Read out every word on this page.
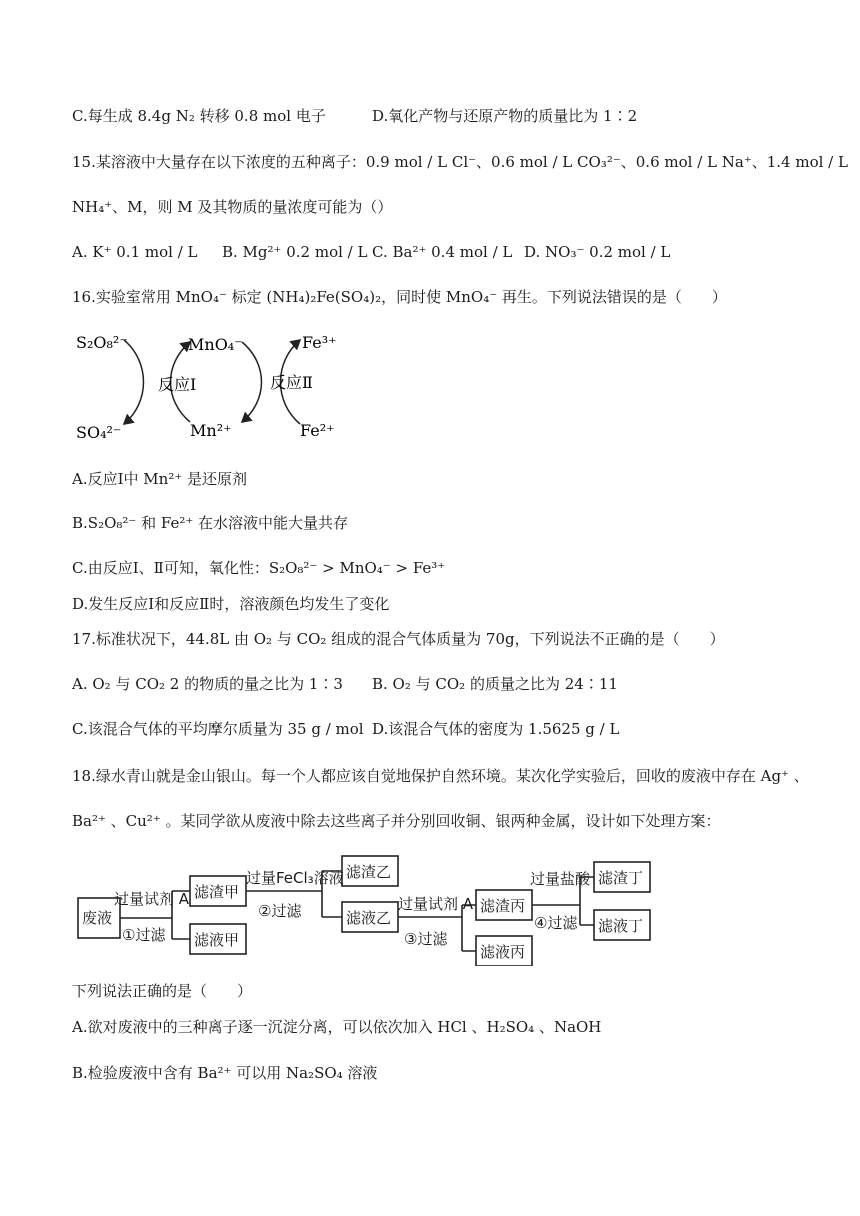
C.每生成 8.4g N₂ 转移 0.8 mol 电子	D.氧化产物与还原产物的质量比为 1∶2
15.某溶液中大量存在以下浓度的五种离子：0.9 mol / L Cl⁻、0.6 mol / L CO₃²⁻、0.6 mol / L Na⁺、1.4 mol / L
NH₄⁺、M，则 M 及其物质的量浓度可能为（）
A. K⁺ 0.1 mol / L B. Mg²⁺ 0.2 mol / L C. Ba²⁺ 0.4 mol / L D. NO₃⁻ 0.2 mol / L
16.实验室常用 MnO₄⁻ 标定 (NH₄)₂Fe(SO₄)₂，同时使 MnO₄⁻ 再生。下列说法错误的是（　　）
S₂O₈²⁻
SO₄²⁻
MnO₄⁻
Mn²⁺
Fe³⁺
Fe²⁺
反应Ⅰ	反应Ⅱ
A.反应Ⅰ中 Mn²⁺ 是还原剂
B.S₂O₈²⁻ 和 Fe²⁺ 在水溶液中能大量共存
C.由反应Ⅰ、Ⅱ可知，氧化性：S₂O₈²⁻ > MnO₄⁻ > Fe³⁺
D.发生反应Ⅰ和反应Ⅱ时，溶液颜色均发生了变化
17.标准状况下，44.8L 由 O₂ 与 CO₂ 组成的混合气体质量为 70g，下列说法不正确的是（　　）
A. O₂ 与 CO₂ 2 的物质的量之比为 1∶3 B. O₂ 与 CO₂ 的质量之比为 24∶11
C.该混合气体的平均摩尔质量为 35 g / mol D.该混合气体的密度为 1.5625 g / L
18.绿水青山就是金山银山。每一个人都应该自觉地保护自然环境。某次化学实验后，回收的废液中存在 Ag⁺ 、
Ba²⁺ 、Cu²⁺ 。某同学欲从废液中除去这些离子并分别回收铜、银两种金属，设计如下处理方案：
废液
过量试剂 A
①过滤
滤渣甲
滤液甲
过量FeCl₃溶液
②过滤
滤渣乙
滤液乙
过量试剂 A
③过滤
滤渣丙
滤液丙
过量盐酸
④过滤
滤渣丁
滤液丁
下列说法正确的是（　　）
A.欲对废液中的三种离子逐一沉淀分离，可以依次加入 HCl 、H₂SO₄ 、NaOH
B.检验废液中含有 Ba²⁺ 可以用 Na₂SO₄ 溶液
